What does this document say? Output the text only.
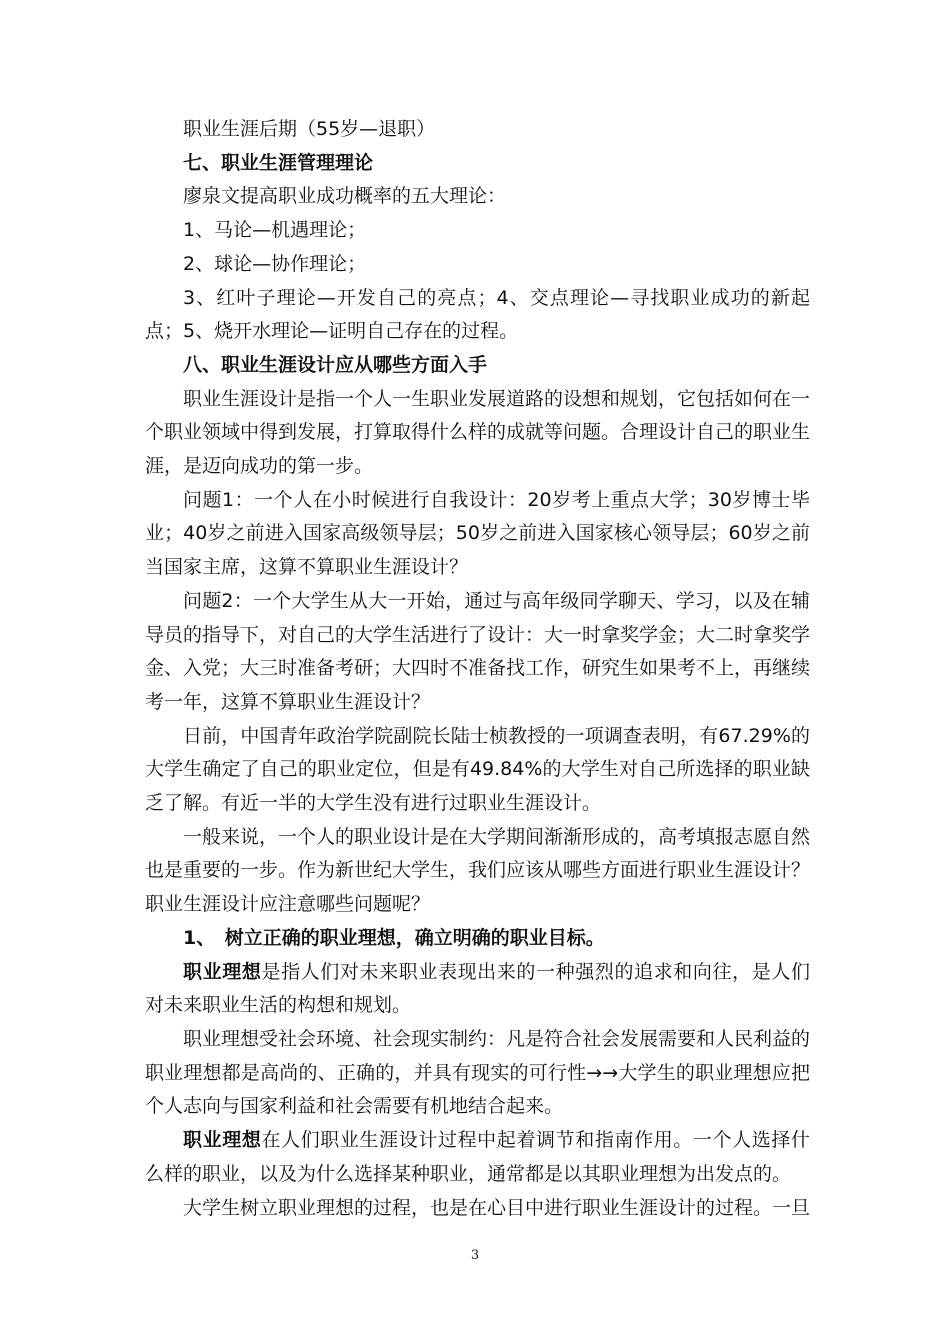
职业生涯后期（55岁—退职）

七、职业生涯管理理论

廖泉文提高职业成功概率的五大理论：

1、马论—机遇理论；

2、球论—协作理论；

3、红叶子理论—开发自己的亮点；4、交点理论—寻找职业成功的新起点；5、烧开水理论—证明自己存在的过程。

八、职业生涯设计应从哪些方面入手

职业生涯设计是指一个人一生职业发展道路的设想和规划，它包括如何在一个职业领域中得到发展，打算取得什么样的成就等问题。合理设计自己的职业生涯，是迈向成功的第一步。

问题1：一个人在小时候进行自我设计：20岁考上重点大学；30岁博士毕业；40岁之前进入国家高级领导层；50岁之前进入国家核心领导层；60岁之前当国家主席，这算不算职业生涯设计？

问题2：一个大学生从大一开始，通过与高年级同学聊天、学习，以及在辅导员的指导下，对自己的大学生活进行了设计：大一时拿奖学金；大二时拿奖学金、入党；大三时准备考研；大四时不准备找工作，研究生如果考不上，再继续考一年，这算不算职业生涯设计？

日前，中国青年政治学院副院长陆士桢教授的一项调查表明，有67.29%的大学生确定了自己的职业定位，但是有49.84%的大学生对自己所选择的职业缺乏了解。有近一半的大学生没有进行过职业生涯设计。

一般来说，一个人的职业设计是在大学期间渐渐形成的，高考填报志愿自然也是重要的一步。作为新世纪大学生，我们应该从哪些方面进行职业生涯设计？职业生涯设计应注意哪些问题呢？

1、　树立正确的职业理想，确立明确的职业目标。

职业理想是指人们对未来职业表现出来的一种强烈的追求和向往，是人们对未来职业生活的构想和规划。

职业理想受社会环境、社会现实制约：凡是符合社会发展需要和人民利益的职业理想都是高尚的、正确的，并具有现实的可行性→→大学生的职业理想应把个人志向与国家利益和社会需要有机地结合起来。

职业理想在人们职业生涯设计过程中起着调节和指南作用。一个人选择什么样的职业，以及为什么选择某种职业，通常都是以其职业理想为出发点的。

大学生树立职业理想的过程，也是在心目中进行职业生涯设计的过程。一旦

3
